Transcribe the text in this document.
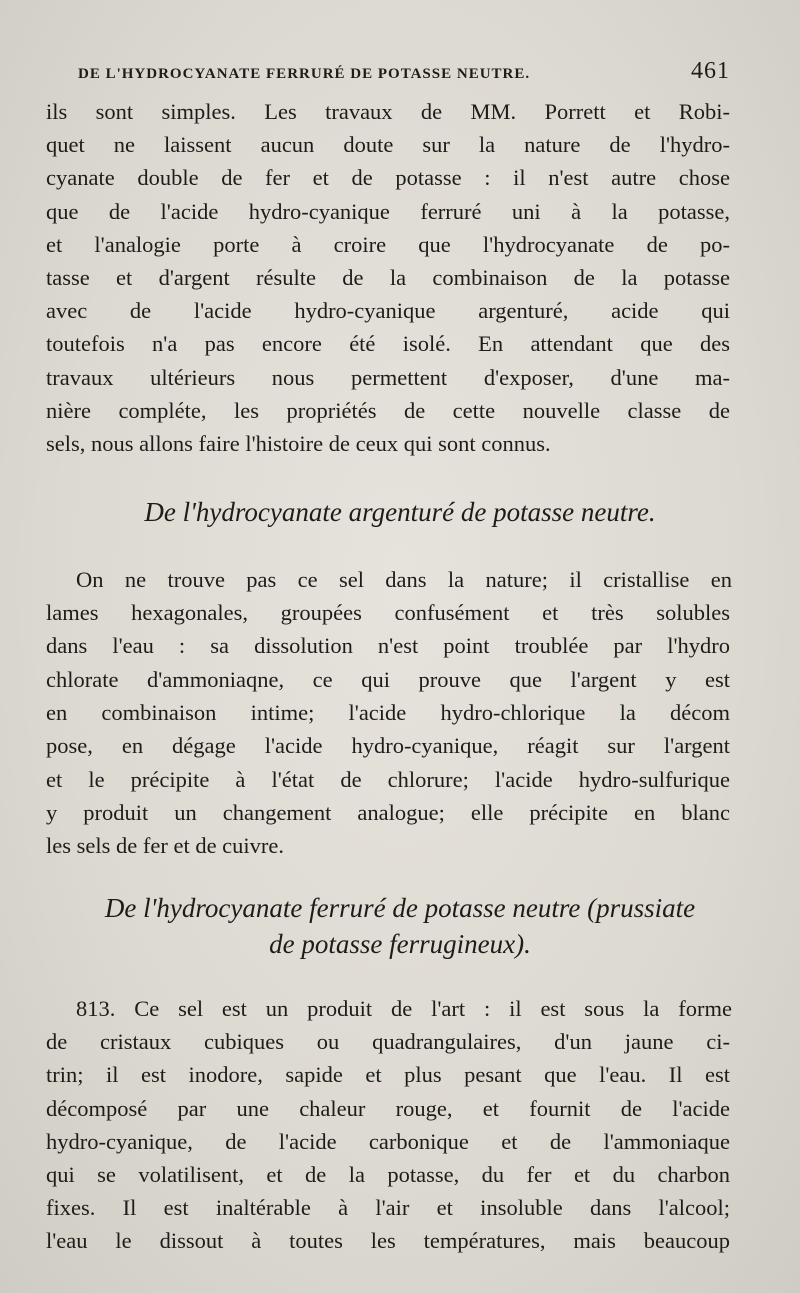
DE L'HYDROCYANATE FERRURÉ DE POTASSE NEUTRE.	461
ils sont simples. Les travaux de MM. Porrett et Robi-
quet ne laissent aucun doute sur la nature de l'hydro-
cyanate double de fer et de potasse : il n'est autre chose
que de l'acide hydro-cyanique ferruré uni à la potasse,
et l'analogie porte à croire que l'hydrocyanate de po-
tasse et d'argent résulte de la combinaison de la potasse
avec de l'acide hydro-cyanique argenturé, acide qui
toutefois n'a pas encore été isolé. En attendant que des
travaux ultérieurs nous permettent d'exposer, d'une ma-
nière compléte, les propriétés de cette nouvelle classe de
sels, nous allons faire l'histoire de ceux qui sont connus.
De l'hydrocyanate argenturé de potasse neutre.
On ne trouve pas ce sel dans la nature; il cristallise en
lames hexagonales, groupées confusément et très solubles
dans l'eau : sa dissolution n'est point troublée par l'hydro
chlorate d'ammoniaqne, ce qui prouve que l'argent y est
en combinaison intime; l'acide hydro-chlorique la décom
pose, en dégage l'acide hydro-cyanique, réagit sur l'argent
et le précipite à l'état de chlorure; l'acide hydro-sulfurique
y produit un changement analogue; elle précipite en blanc
les sels de fer et de cuivre.
De l'hydrocyanate ferruré de potasse neutre (prussiate
de potasse ferrugineux).
813. Ce sel est un produit de l'art : il est sous la forme
de cristaux cubiques ou quadrangulaires, d'un jaune ci-
trin; il est inodore, sapide et plus pesant que l'eau. Il est
décomposé par une chaleur rouge, et fournit de l'acide
hydro-cyanique, de l'acide carbonique et de l'ammoniaque
qui se volatilisent, et de la potasse, du fer et du charbon
fixes. Il est inaltérable à l'air et insoluble dans l'alcool;
l'eau le dissout à toutes les températures, mais beaucoup
